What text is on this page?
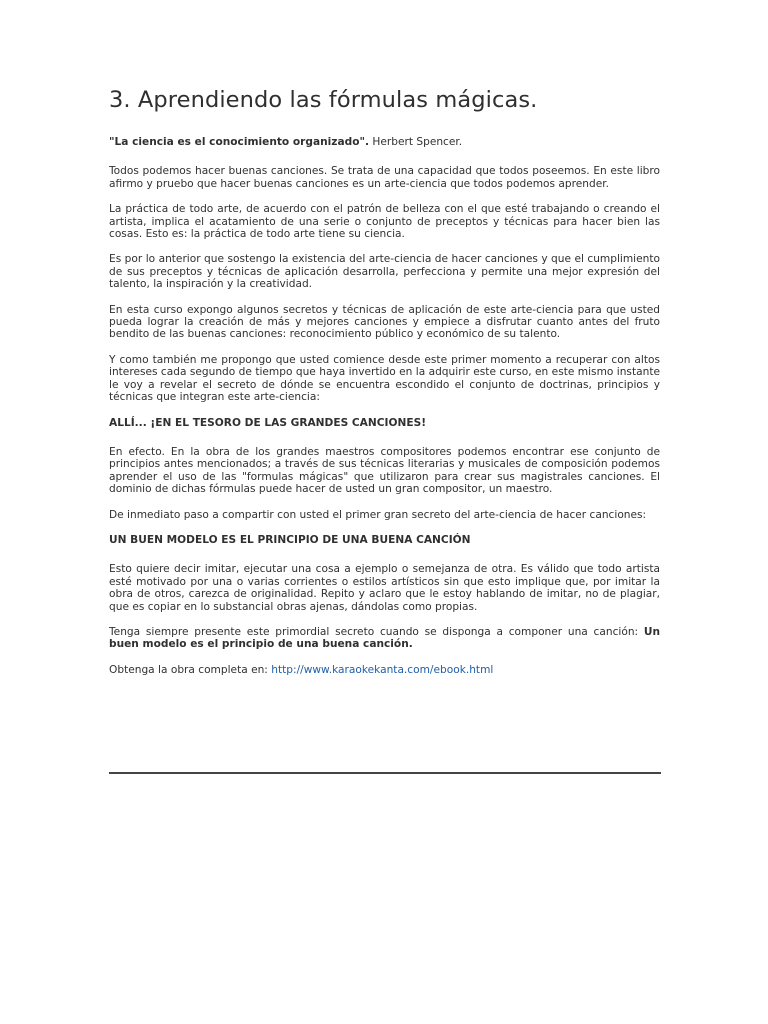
3. Aprendiendo las fórmulas mágicas.

"La ciencia es el conocimiento organizado". Herbert Spencer.

Todos podemos hacer buenas canciones. Se trata de una capacidad que todos poseemos. En este libro afirmo y pruebo que hacer buenas canciones es un arte-ciencia que todos podemos aprender.

La práctica de todo arte, de acuerdo con el patrón de belleza con el que esté trabajando o creando el artista, implica el acatamiento de una serie o conjunto de preceptos y técnicas para hacer bien las cosas. Esto es: la práctica de todo arte tiene su ciencia.

Es por lo anterior que sostengo la existencia del arte-ciencia de hacer canciones y que el cumplimiento de sus preceptos y técnicas de aplicación desarrolla, perfecciona y permite una mejor expresión del talento, la inspiración y la creatividad.

En esta curso expongo algunos secretos y técnicas de aplicación de este arte-ciencia para que usted pueda lograr la creación de más y mejores canciones y empiece a disfrutar cuanto antes del fruto bendito de las buenas canciones: reconocimiento público y económico de su talento.

Y como también me propongo que usted comience desde este primer momento a recuperar con altos intereses cada segundo de tiempo que haya invertido en la adquirir este curso, en este mismo instante le voy a revelar el secreto de dónde se encuentra escondido el conjunto de doctrinas, principios y técnicas que integran este arte-ciencia:

ALLÍ... ¡EN EL TESORO DE LAS GRANDES CANCIONES!

En efecto. En la obra de los grandes maestros compositores podemos encontrar ese conjunto de principios antes mencionados; a través de sus técnicas literarias y musicales de composición podemos aprender el uso de las "formulas mágicas" que utilizaron para crear sus magistrales canciones. El dominio de dichas fórmulas puede hacer de usted un gran compositor, un maestro.

De inmediato paso a compartir con usted el primer gran secreto del arte-ciencia de hacer canciones:

UN BUEN MODELO ES EL PRINCIPIO DE UNA BUENA CANCIÓN

Esto quiere decir imitar, ejecutar una cosa a ejemplo o semejanza de otra. Es válido que todo artista esté motivado por una o varias corrientes o estilos artísticos sin que esto implique que, por imitar la obra de otros, carezca de originalidad. Repito y aclaro que le estoy hablando de imitar, no de plagiar, que es copiar en lo substancial obras ajenas, dándolas como propias.

Tenga siempre presente este primordial secreto cuando se disponga a componer una canción: Un buen modelo es el principio de una buena canción.

Obtenga la obra completa en: http://www.karaokekanta.com/ebook.html
